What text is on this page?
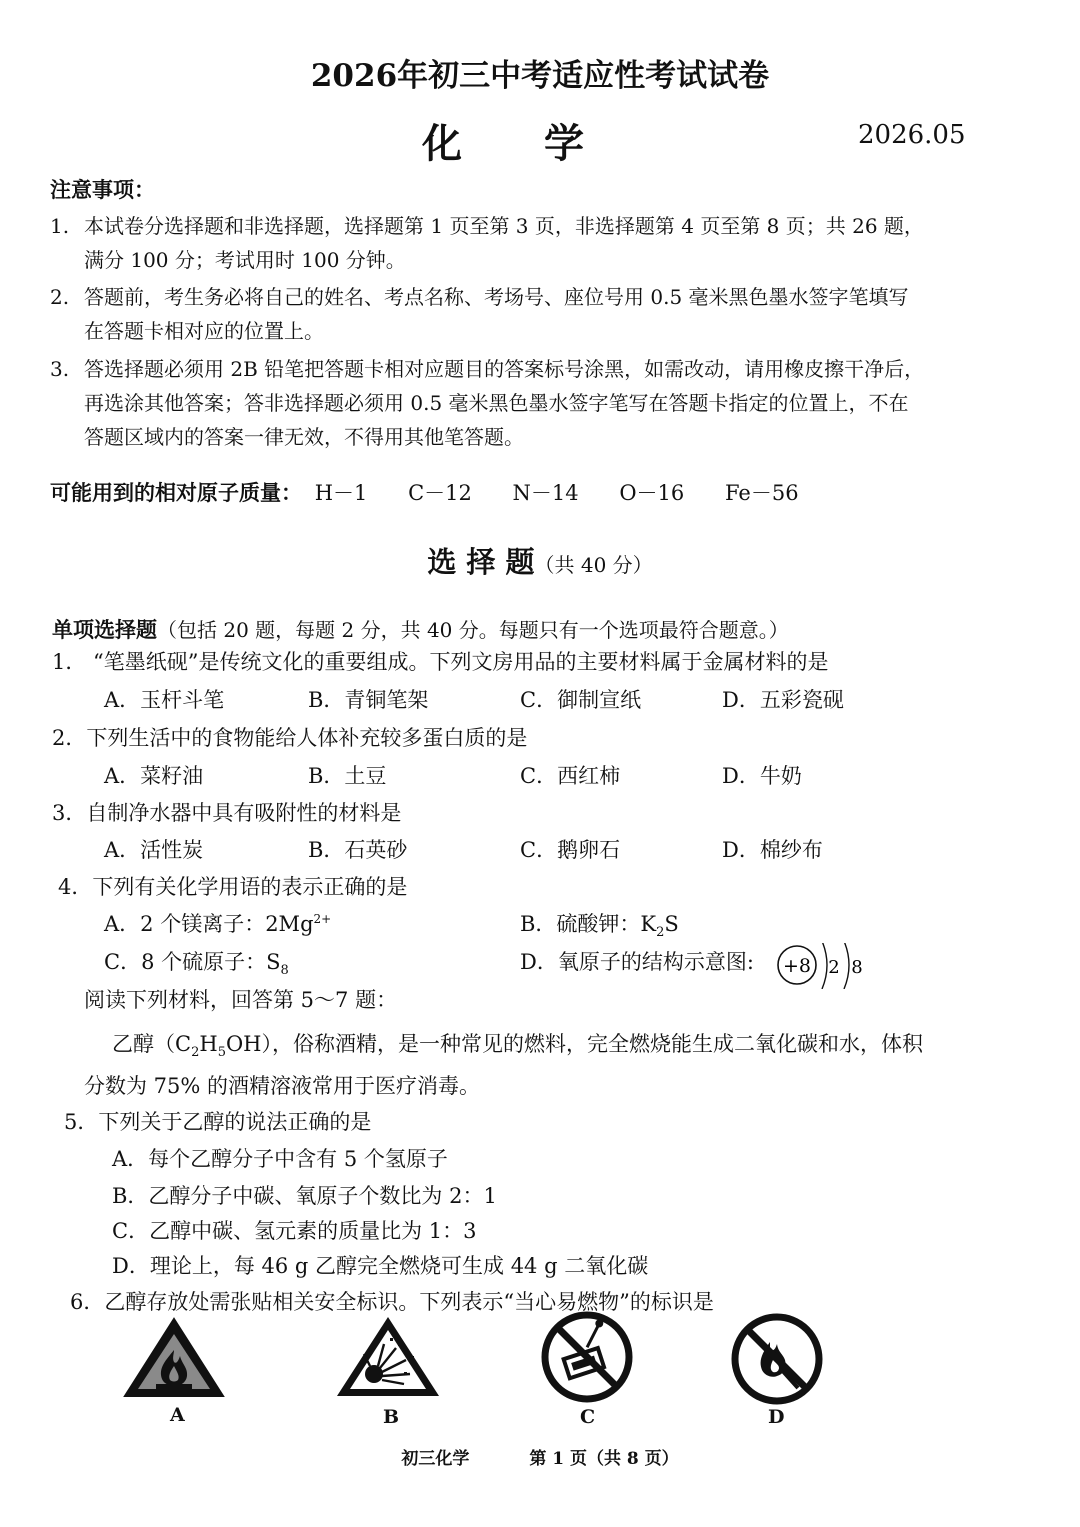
2026年初三中考适应性考试试卷
化 学	2026.05
注意事项：
1. 本试卷分选择题和非选择题，选择题第 1 页至第 3 页，非选择题第 4 页至第 8 页；共 26 题，
满分 100 分；考试用时 100 分钟。
2. 答题前，考生务必将自己的姓名、考点名称、考场号、座位号用 0.5 毫米黑色墨水签字笔填写
在答题卡相对应的位置上。
3. 答选择题必须用 2B 铅笔把答题卡相对应题目的答案标号涂黑，如需改动，请用橡皮擦干净后，
再选涂其他答案；答非选择题必须用 0.5 毫米黑色墨水签字笔写在答题卡指定的位置上，不在
答题区域内的答案一律无效，不得用其他笔答题。
可能用到的相对原子质量： H－1 C－12 N－14 O－16 Fe－56
选 择 题（共 40 分）
单项选择题（包括 20 题，每题 2 分，共 40 分。每题只有一个选项最符合题意。）
1． “笔墨纸砚”是传统文化的重要组成。下列文房用品的主要材料属于金属材料的是
A．玉杆斗笔	B．青铜笔架	C．御制宣纸	D．五彩瓷砚
2．下列生活中的食物能给人体补充较多蛋白质的是
A．菜籽油	B．土豆	C．西红柿	D．牛奶
3．自制净水器中具有吸附性的材料是
A．活性炭	B．石英砂	C．鹅卵石	D．棉纱布
4．下列有关化学用语的表示正确的是
A．2 个镁离子：$2Mg^{2+}$	B．硫酸钾：$K_2S$
C．8 个硫原子：$S_8$	D．氧原子的结构示意图: +8 2 8
阅读下列材料，回答第 5～7 题：
乙醇$(C_2H_5OH)$，俗称酒精，是一种常见的燃料，完全燃烧能生成二氧化碳和水，体积
分数为 75% 的酒精溶液常用于医疗消毒。
5．下列关于乙醇的说法正确的是
A．每个乙醇分子中含有 5 个氢原子
B．乙醇分子中碳、氧原子个数比为 2：1
C．乙醇中碳、氢元素的质量比为 1：3
D．理论上，每 46 g 乙醇完全燃烧可生成 44 g 二氧化碳
6．乙醇存放处需张贴相关安全标识。下列表示“当心易燃物”的标识是
A	B	C	D
初三化学	第 1 页（共 8 页）
